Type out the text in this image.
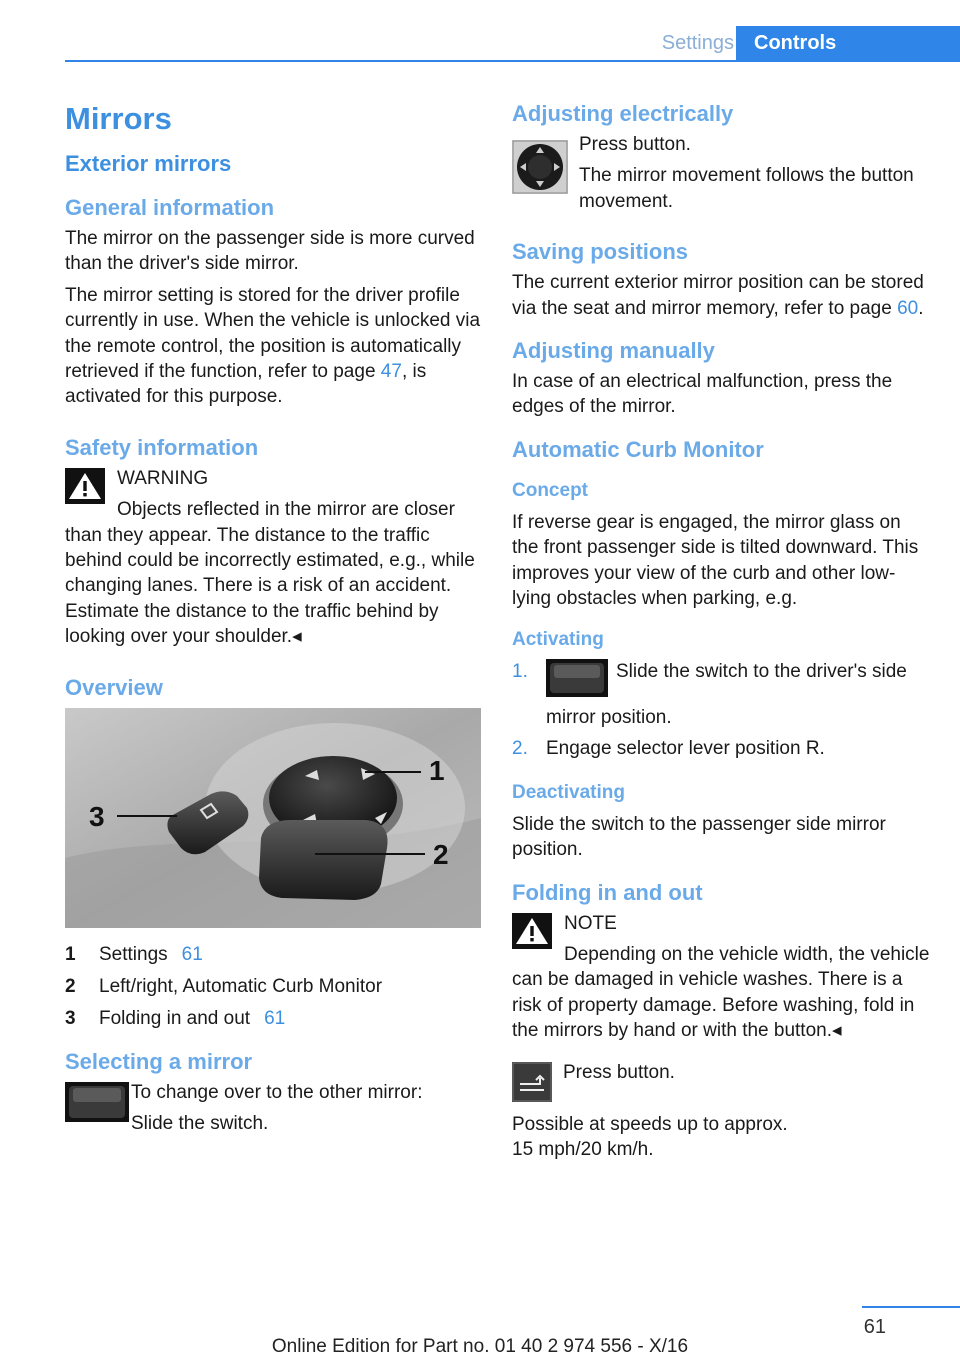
Settings	Controls
Mirrors
Exterior mirrors
General information

The mirror on the passenger side is more curved than the driver's side mirror.

The mirror setting is stored for the driver profile currently in use. When the vehicle is unlocked via the remote control, the position is automatically retrieved if the function, refer to page 47, is activated for this purpose.

Safety information

WARNING

Objects reflected in the mirror are closer than they appear. The distance to the traffic behind could be incorrectly estimated, e.g., while changing lanes. There is a risk of an accident. Estimate the distance to the traffic behind by looking over your shoulder.◂

Overview
1
2
3
1	Settings 61
2	Left/right, Automatic Curb Monitor
3	Folding in and out 61
Selecting a mirror

To change over to the other mirror:

Slide the switch.

Adjusting electrically

Press button.

The mirror movement follows the button movement.

Saving positions

The current exterior mirror position can be stored via the seat and mirror memory, refer to page 60.

Adjusting manually

In case of an electrical malfunction, press the edges of the mirror.

Automatic Curb Monitor
Concept

If reverse gear is engaged, the mirror glass on the front passenger side is tilted downward. This improves your view of the curb and other low-lying obstacles when parking, e.g.

Activating
1.	Slide the switch to the driver's side mirror position.
2. Engage selector lever position R.
Deactivating

Slide the switch to the passenger side mirror position.

Folding in and out

NOTE

Depending on the vehicle width, the vehicle can be damaged in vehicle washes. There is a risk of property damage. Before washing, fold in the mirrors by hand or with the button.◂

Press button.

Possible at speeds up to approx.

15 mph/20 km/h.

61
Online Edition for Part no. 01 40 2 974 556 - X/16
